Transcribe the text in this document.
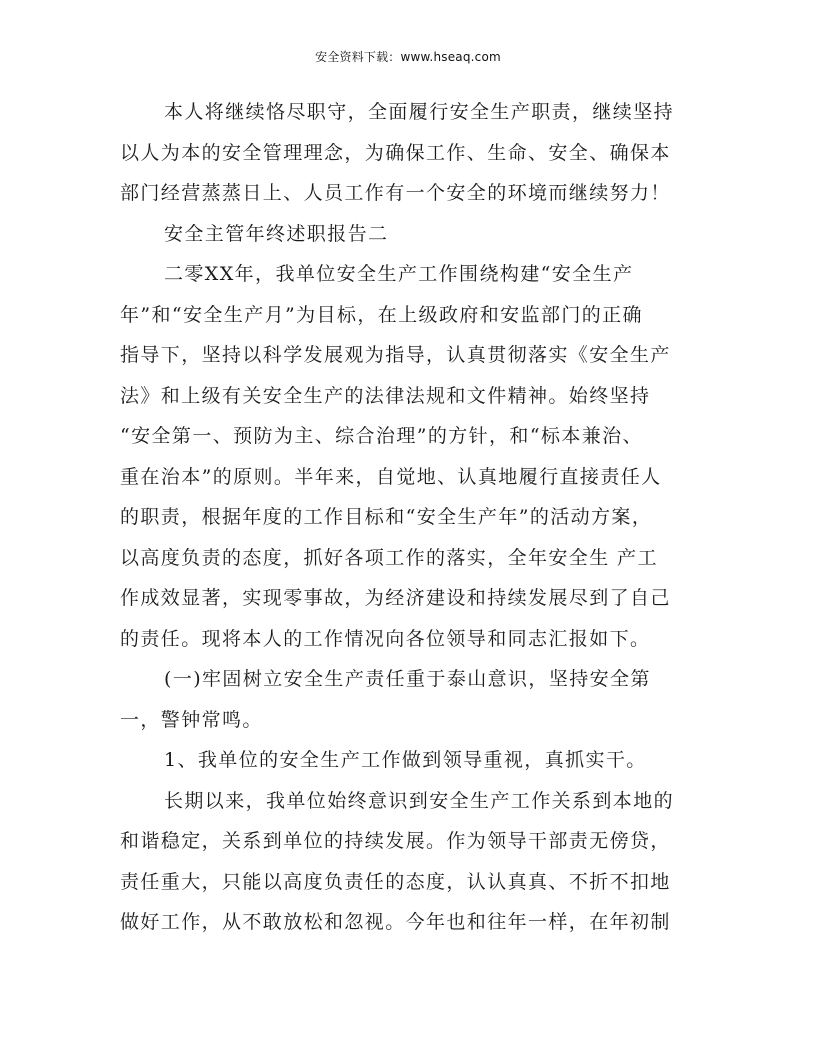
安全资料下载：www.hseaq.com
本人将继续恪尽职守，全面履行安全生产职责，继续坚持
以人为本的安全管理理念，为确保工作、生命、安全、确保本
部门经营蒸蒸日上、人员工作有一个安全的环境而继续努力！
安全主管年终述职报告二
二零XX年，我单位安全生产工作围绕构建“安全生产
年”和“安全生产月”为目标，在上级政府和安监部门的正确
指导下，坚持以科学发展观为指导，认真贯彻落实《安全生产
法》和上级有关安全生产的法律法规和文件精神。始终坚持
“安全第一、预防为主、综合治理”的方针，和“标本兼治、
重在治本”的原则。半年来，自觉地、认真地履行直接责任人
的职责，根据年度的工作目标和“安全生产年”的活动方案，
以高度负责的态度，抓好各项工作的落实，全年安全生 产工
作成效显著，实现零事故，为经济建设和持续发展尽到了自己
的责任。现将本人的工作情况向各位领导和同志汇报如下。
(一)牢固树立安全生产责任重于泰山意识，坚持安全第
一，警钟常鸣。
1、我单位的安全生产工作做到领导重视，真抓实干。
长期以来，我单位始终意识到安全生产工作关系到本地的
和谐稳定，关系到单位的持续发展。作为领导干部责无傍贷，
责任重大，只能以高度负责任的态度，认认真真、不折不扣地
做好工作，从不敢放松和忽视。今年也和往年一样，在年初制
